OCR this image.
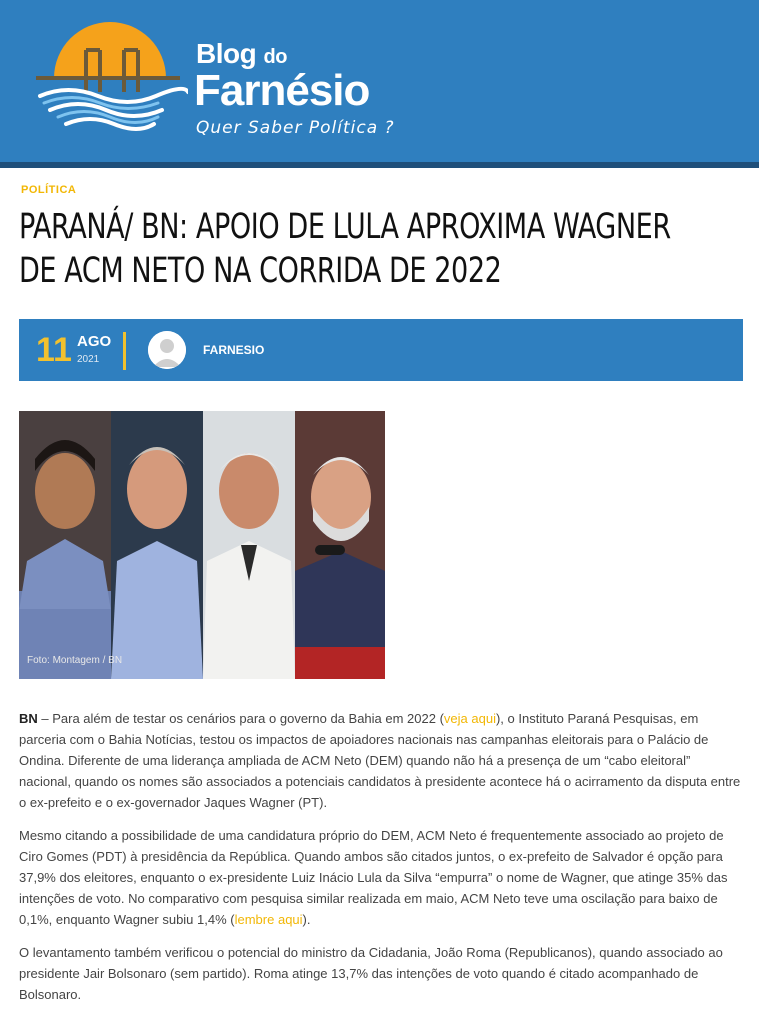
Blog do
Farnésio
Quer Saber Política ?
POLÍTICA
PARANÁ/ BN: APOIO DE LULA APROXIMA WAGNER
DE ACM NETO NA CORRIDA DE 2022
11 AGO
2021
FARNESIO
Foto: Montagem / BN

BN – Para além de testar os cenários para o governo da Bahia em 2022 (veja aqui), o Instituto Paraná Pesquisas, em parceria com o Bahia Notícias, testou os impactos de apoiadores nacionais nas campanhas eleitorais para o Palácio de Ondina. Diferente de uma liderança ampliada de ACM Neto (DEM) quando não há a presença de um “cabo eleitoral” nacional, quando os nomes são associados a potenciais candidatos à presidente acontece há o acirramento da disputa entre o ex-prefeito e o ex-governador Jaques Wagner (PT).

Mesmo citando a possibilidade de uma candidatura próprio do DEM, ACM Neto é frequentemente associado ao projeto de Ciro Gomes (PDT) à presidência da República. Quando ambos são citados juntos, o ex-prefeito de Salvador é opção para 37,9% dos eleitores, enquanto o ex-presidente Luiz Inácio Lula da Silva “empurra” o nome de Wagner, que atinge 35% das intenções de voto. No comparativo com pesquisa similar realizada em maio, ACM Neto teve uma oscilação para baixo de 0,1%, enquanto Wagner subiu 1,4% (lembre aqui).

O levantamento também verificou o potencial do ministro da Cidadania, João Roma (Republicanos), quando associado ao presidente Jair Bolsonaro (sem partido). Roma atinge 13,7% das intenções de voto quando é citado acompanhado de Bolsonaro.
